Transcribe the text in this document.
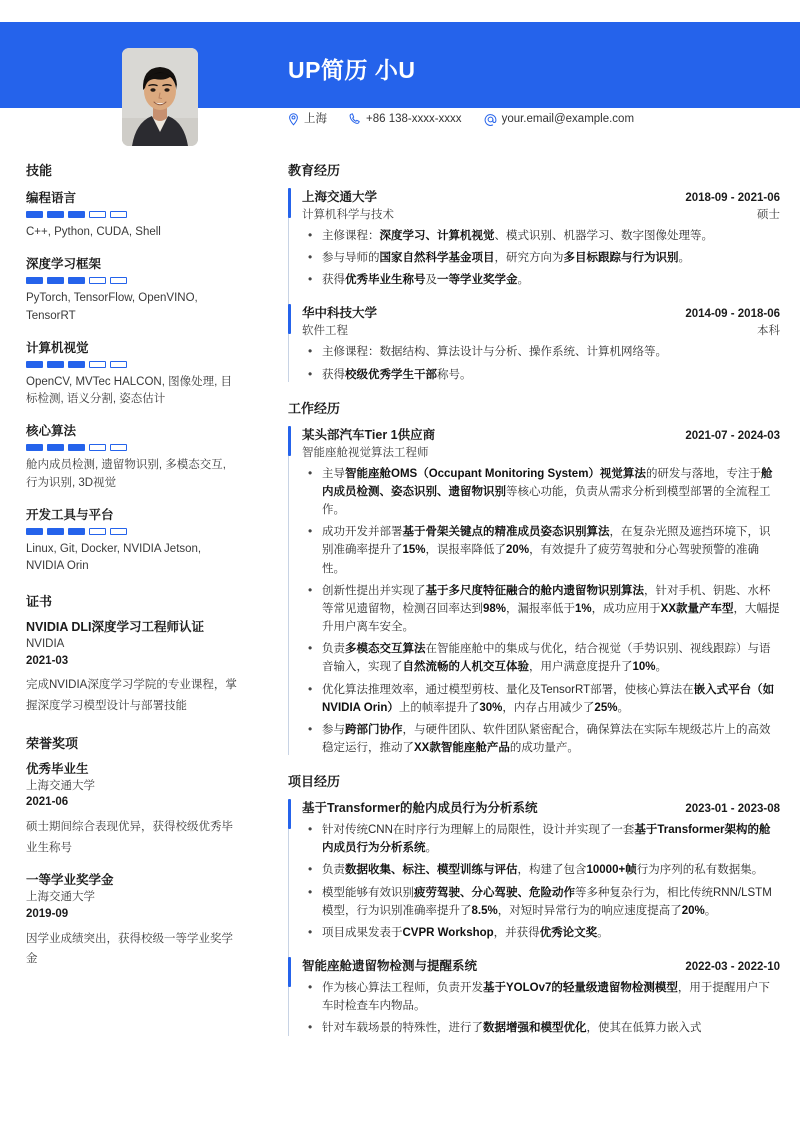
UP简历 小U
上海	+86 138-xxxx-xxxx	your.email@example.com
技能
编程语言
C++, Python, CUDA, Shell
深度学习框架
PyTorch, TensorFlow, OpenVINO, TensorRT
计算机视觉
OpenCV, MVTec HALCON, 图像处理, 目标检测, 语义分割, 姿态估计
核心算法
舱内成员检测, 遗留物识别, 多模态交互, 行为识别, 3D视觉
开发工具与平台
Linux, Git, Docker, NVIDIA Jetson, NVIDIA Orin
证书
NVIDIA DLI深度学习工程师认证
NVIDIA
2021-03
完成NVIDIA深度学习学院的专业课程，掌握深度学习模型设计与部署技能
荣誉奖项
优秀毕业生
上海交通大学
2021-06
硕士期间综合表现优异，获得校级优秀毕业生称号
一等学业奖学金
上海交通大学
2019-09
因学业成绩突出，获得校级一等学业奖学金
教育经历
上海交通大学	2018-09 - 2021-06
计算机科学与技术	硕士
• 主修课程：深度学习、计算机视觉、模式识别、机器学习、数字图像处理等。
• 参与导师的国家自然科学基金项目，研究方向为多目标跟踪与行为识别。
• 获得优秀毕业生称号及一等学业奖学金。
华中科技大学	2014-09 - 2018-06
软件工程	本科
• 主修课程：数据结构、算法设计与分析、操作系统、计算机网络等。
• 获得校级优秀学生干部称号。
工作经历
某头部汽车Tier 1供应商	2021-07 - 2024-03
智能座舱视觉算法工程师
• 主导智能座舱OMS（Occupant Monitoring System）视觉算法的研发与落地，专注于舱内成员检测、姿态识别、遗留物识别等核心功能，负责从需求分析到模型部署的全流程工作。
• 成功开发并部署基于骨架关键点的精准成员姿态识别算法，在复杂光照及遮挡环境下，识别准确率提升了15%，误报率降低了20%，有效提升了疲劳驾驶和分心驾驶预警的准确性。
• 创新性提出并实现了基于多尺度特征融合的舱内遗留物识别算法，针对手机、钥匙、水杯等常见遗留物，检测召回率达到98%，漏报率低于1%，成功应用于XX款量产车型，大幅提升用户离车安全。
• 负责多模态交互算法在智能座舱中的集成与优化，结合视觉（手势识别、视线跟踪）与语音输入，实现了自然流畅的人机交互体验，用户满意度提升了10%。
• 优化算法推理效率，通过模型剪枝、量化及TensorRT部署，使核心算法在嵌入式平台（如NVIDIA Orin）上的帧率提升了30%，内存占用减少了25%。
• 参与跨部门协作，与硬件团队、软件团队紧密配合，确保算法在实际车规级芯片上的高效稳定运行，推动了XX款智能座舱产品的成功量产。
项目经历
基于Transformer的舱内成员行为分析系统	2023-01 - 2023-08
• 针对传统CNN在时序行为理解上的局限性，设计并实现了一套基于Transformer架构的舱内成员行为分析系统。
• 负责数据收集、标注、模型训练与评估，构建了包含10000+帧行为序列的私有数据集。
• 模型能够有效识别疲劳驾驶、分心驾驶、危险动作等多种复杂行为，相比传统RNN/LSTM模型，行为识别准确率提升了8.5%，对短时异常行为的响应速度提高了20%。
• 项目成果发表于CVPR Workshop，并获得优秀论文奖。
智能座舱遗留物检测与提醒系统	2022-03 - 2022-10
• 作为核心算法工程师，负责开发基于YOLOv7的轻量级遗留物检测模型，用于提醒用户下车时检查车内物品。
• 针对车载场景的特殊性，进行了数据增强和模型优化，使其在低算力嵌入式
